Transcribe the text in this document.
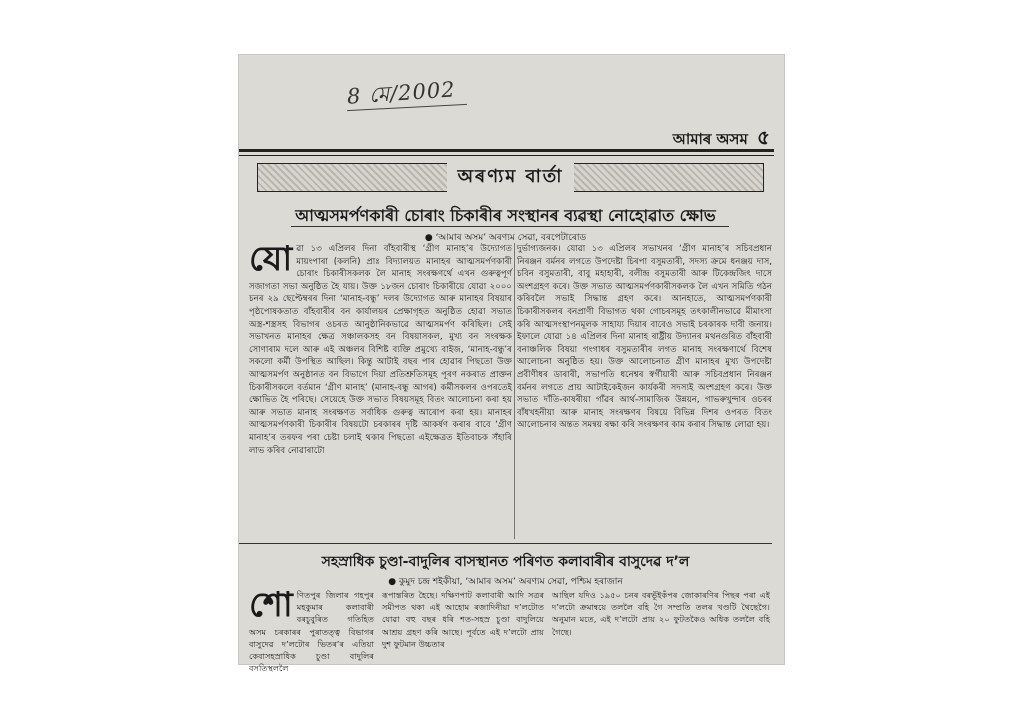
8 মে/2002
আমাৰ অসম ৫
অৰণ্যম বাৰ্তা
আত্মসমৰ্পণকাৰী চোৰাং চিকাৰীৰ সংস্থানৰ ব্যৱস্থা নোহোৱাত ক্ষোভ
● ‘আমাৰ অসম’ অৰণ্যম সেৱা, বৰপেটাৰোড
যোৱা ১৩ এপ্ৰিলৰ দিনা বাঁহবাৰীস্থ ‘গ্ৰীণ মানাহ’ৰ উদ্যোগত মায়ংপাৰা (কলনি) প্ৰাঃ বিদ্যালয়ত মানাহৰ আত্মসমৰ্পণকাৰী চোৰাং চিকাৰীসকলক লৈ মানাহ সংৰক্ষণৰ্থে এখন গুৰুত্বপূৰ্ণ সজাগতা সভা অনুষ্ঠিত হৈ যায়। উক্ত ১৮জন চোৰাং চিকাৰীয়ে যোৱা ২০০০ চনৰ ২৯ ছেপ্টেম্বৰৰ দিনা ‘মানাহ-বন্ধু’ দলৰ উদ্যোগত আৰু মানাহৰ বিষয়াৰ পৃষ্ঠপোষকতাত বাঁহবাৰীৰ বন কাৰ্যালয়ৰ প্ৰেক্ষাগৃহত অনুষ্ঠিত হোৱা সভাত অস্ত্ৰ-শস্ত্ৰসহ বিভাগৰ ওচৰত আনুষ্ঠানিকভাৱে আত্মসমৰ্পণ কৰিছিল। সেই সভাখনত মানাহৰ ক্ষেত্ৰ সঞ্চালকসহ বন বিষয়াসকল, মুখ্য বন সংৰক্ষক সোণাৰাম দলে আৰু এই অঞ্চলৰ বিশিষ্ট ব্যক্তি প্ৰমুখ্যে বাইজ, ‘মানাহ-বন্ধু’ৰ সকলো কৰ্মী উপস্থিত আছিল। কিন্তু আটাই বছৰ পাৰ হোৱাৰ পিছতো উক্ত আত্মসমৰ্পণ অনুষ্ঠানত বন বিভাগে দিয়া প্ৰতিশ্ৰুতিসমূহ পূৰণ নকৰাত প্ৰাক্তন চিকাৰীসকলে বৰ্তমান ‘গ্ৰীণ মানাহ’ (মানাহ-বন্ধু আগৰ) কৰ্মীসকলৰ ওপৰতেই ক্ষোভিত হৈ পৰিছে। সেয়েহে উক্ত সভাত বিষয়সমূহ বিতং আলোচনা কৰা হয় আৰু সভাত মানাহ সংৰক্ষণত সৰ্বাধিক গুৰুত্ব আৰোপ কৰা হয়। মানাহৰ আত্মসমৰ্পণকাৰী চিকাৰীৰ বিষয়টো চৰকাৰৰ দৃষ্টি আকৰ্ষণ কৰাৰ বাবে ‘গ্ৰীণ মানাহ’ৰ তৰফৰ পৰা চেষ্টা চলাই থকাৰ পিছতো এইক্ষেত্ৰত ইতিবাচক সঁহাৰি লাভ কৰিব নোৱাৰাটো
দুৰ্ভাগ্যজনক। যোৱা ১৩ এপ্ৰিলৰ সভাখনৰ ‘গ্ৰীণ মানাহ’ৰ সচিবপ্ৰধান নিৰঞ্জন বৰ্মনৰ লগতে উপদেষ্টা চিৰপা বসুমতাৰী, সদস্য ক্ৰমে ধনঞ্জয় দাস, চবিন বসুমতাৰী, বাবু মহাহাৰী, বলীন্দ্ৰ বসুমতাৰী আৰু টিকেন্দ্ৰজিৎ দাসে অংশগ্ৰহণ কৰে। উক্ত সভাত আত্মসমৰ্পণকাৰীসকলক লৈ এখন সমিতি গঠন কৰিবলৈ সভাই সিদ্ধান্ত গ্ৰহণ কৰে। আনহাতে, আত্মসমৰ্পণকাৰী চিকাৰীসকলৰ বনপ্ৰাণী বিভাগত থকা গোচৰসমূহ তৎকালীনভাৱে মীমাংসা কৰি আত্মসংস্থাপনমূলক সাহায্য দিয়াৰ বাবেও সভাই চৰকাৰক দাবী জনায়। ইফালে যোৱা ১৪ এপ্ৰিলৰ দিনা মানাহ ৰাষ্ট্ৰীয় উদ্যানৰ মথনগুৰিত বাঁহবাৰী বনাঞ্চলিক বিষয়া গংগাধৰ বসুমতাৰীৰ লগত মানাহ সংৰক্ষণাৰ্থে বিশেষ আলোচনা অনুষ্ঠিত হয়। উক্ত আলোচনাত গ্ৰীণ মানাহৰ মুখ্য উপদেষ্টা প্ৰবীণীধৰ ডাৰাৰী, সভাপতি ধনেশ্বৰ স্বৰ্গীয়াৰী আৰু সচিবপ্ৰধান নিৰঞ্জন বৰ্মনৰ লগতে প্ৰায় আটাইকেইজন কাৰ্যকৰী সদস্যই অংশগ্ৰহণ কৰে। উক্ত সভাত দাঁতি-কাষৰীয়া গাঁৱৰ আৰ্থ-সামাজিক উন্নয়ন, গাভৰুখুন্দাৰ ওচৰৰ বাঁধখহনীয়া আৰু মানাহ সংৰক্ষণৰ বিষয়ে বিভিন্ন দিশৰ ওপৰত বিতং আলোচনাৰ অন্তত সমন্বয় ৰক্ষা কৰি সংৰক্ষণৰ কাম কৰাৰ সিদ্ধান্ত লোৱা হয়।
সহস্ৰাধিক চুণ্ডা-বাদুলিৰ বাসস্থানত পৰিণত কলাবাৰীৰ বাসুদেৱ দ’ল
● কুমুদ চন্দ্ৰ শইকীয়া, ‘আমাৰ অসম’ অৰণ্যম সেৱা, পশ্চিম হৰাজান
শোণিতপুৰ জিলাৰ গহপুৰ মহকুমাৰ কলাবাৰী বৰচুবুৰিত গতিহিত অসম চৰকাৰৰ পুৰাতত্ত্ব বিভাগৰ বাসুদেৱ দ’লটোৰ ভিতৰ’ৰ এতিয়া কেবাসহস্ৰাধিক চুণ্ডা বাদুলিৰ বসতিস্থললৈ
ৰূপান্তৰিত হৈছে। দক্ষিণপাট কলাবাৰী আদি সত্ৰৰ সমীপত থকা এই আহোম ৰজাদিনীয়া দ’লটোত যোৱা বহু বছৰ ধৰি শত-সহস্ৰ চুণ্ডা বাদুলিয়ে আশ্ৰয় গ্ৰহণ কৰি আছে। পূৰ্বতে এই দ’লটো প্ৰায় দুশ ফুটমান উচ্চতাৰ
আছিল যদিও ১৯৫০ চনৰ বৰভূঁইকঁপৰ জোকাৰণিৰ পিছৰ পৰা এই দ’লটো ক্ৰমান্বয়ে তললৈ বহি গৈ সম্প্ৰতি তলৰ খণ্ডটি থৈছেগৈ। অনুমান মতে, এই দ’লটো প্ৰায় ২০ ফুটতকৈও অধিক তললৈ বহি গৈছে।
